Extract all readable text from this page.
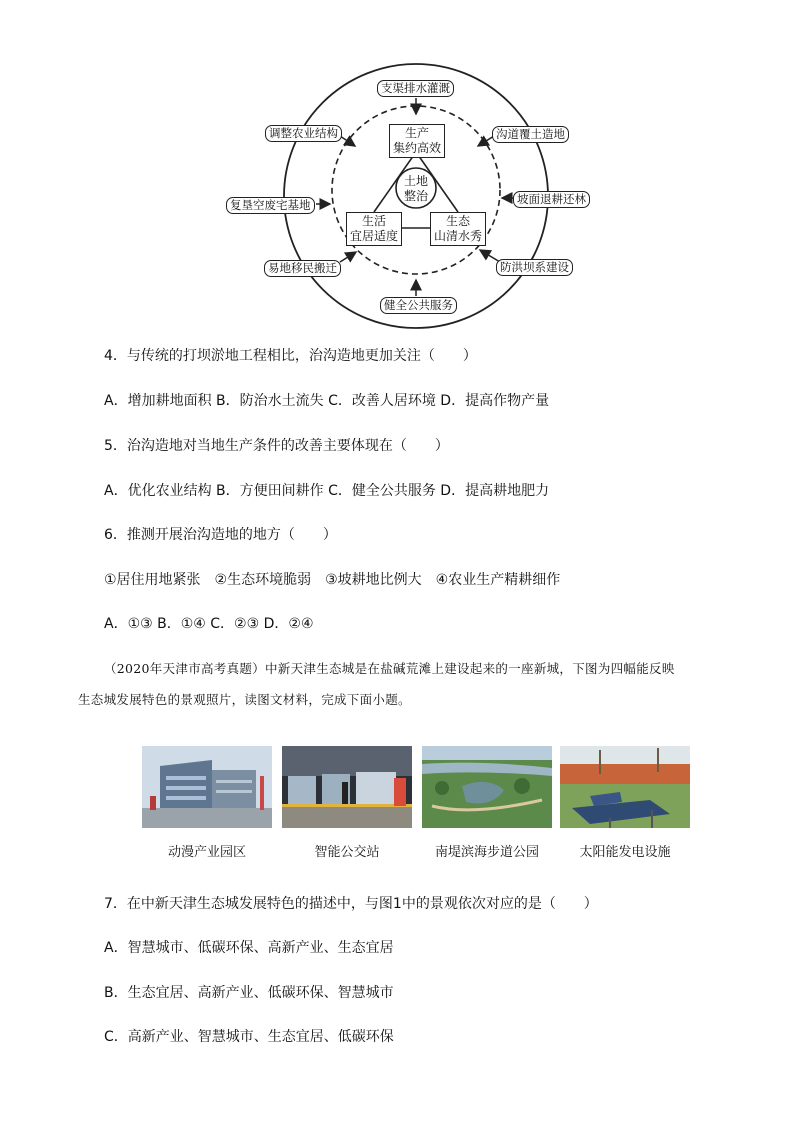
支渠排水灌溉
沟道覆土造地
坡面退耕还林
防洪坝系建设
健全公共服务
易地移民搬迁
复垦空废宅基地
调整农业结构	生产
集约高效
生活
宜居适度
生态
山清水秀
土地
整治
4．与传统的打坝淤地工程相比，治沟造地更加关注（　　）
A．增加耕地面积 B．防治水土流失 C．改善人居环境 D．提高作物产量
5．治沟造地对当地生产条件的改善主要体现在（　　）
A．优化农业结构 B．方便田间耕作 C．健全公共服务 D．提高耕地肥力
6．推测开展治沟造地的地方（　　）
①居住用地紧张　②生态环境脆弱　③坡耕地比例大　④农业生产精耕细作
A．①③ B．①④ C．②③ D．②④
（2020年天津市高考真题）中新天津生态城是在盐碱荒滩上建设起来的一座新城，下图为四幅能反映
生态城发展特色的景观照片，读图文材料，完成下面小题。
动漫产业园区	智能公交站	南堤滨海步道公园	太阳能发电设施
7．在中新天津生态城发展特色的描述中，与图1中的景观依次对应的是（　　）
A．智慧城市、低碳环保、高新产业、生态宜居
B．生态宜居、高新产业、低碳环保、智慧城市
C．高新产业、智慧城市、生态宜居、低碳环保
